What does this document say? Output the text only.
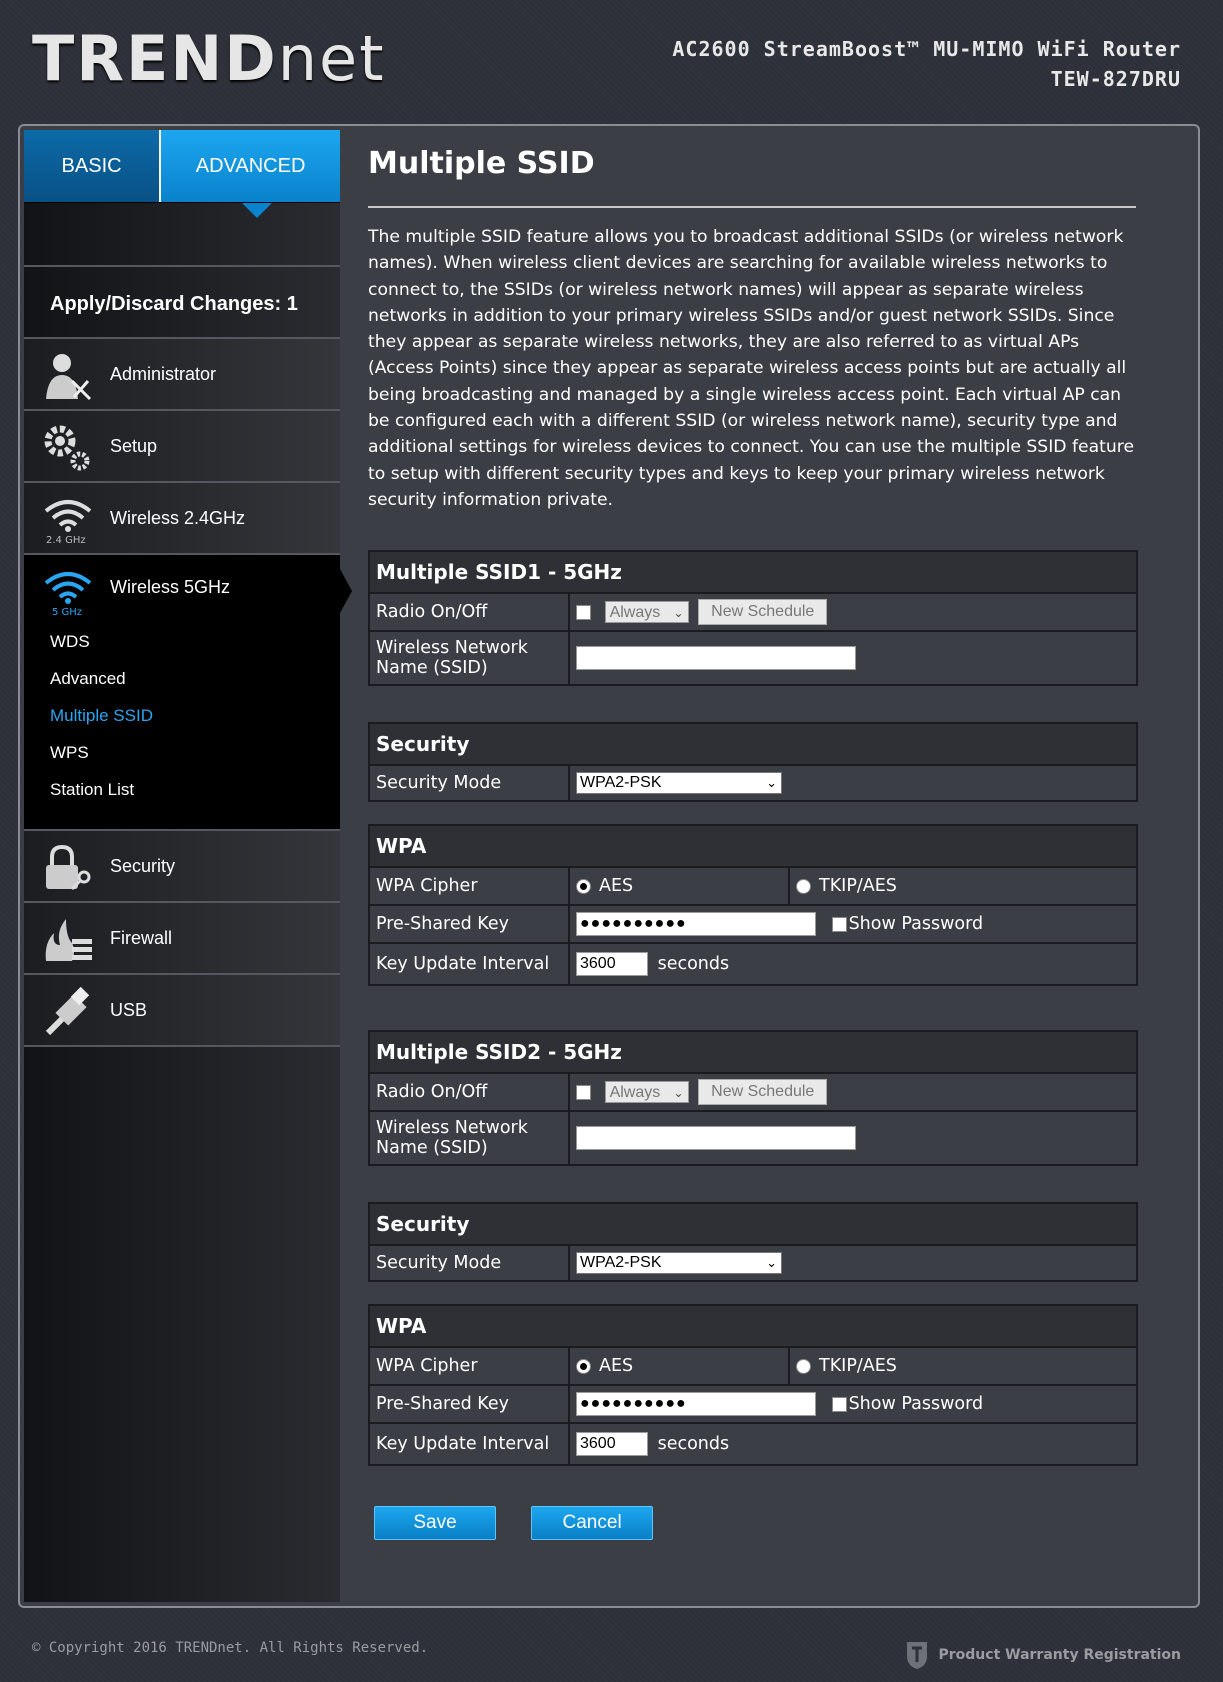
TRENDnet	AC2600 StreamBoost™ MU-MIMO WiFi Router
TEW-827DRU
BASIC	ADVANCED
Apply/Discard Changes: 1
Administrator
Setup
2.4 GHz
Wireless 2.4GHz
5 GHz
Wireless 5GHz
WDS
Advanced
Multiple SSID
WPS
Station List
Security
Firewall
USB
Multiple SSID
The multiple SSID feature allows you to broadcast additional SSIDs (or wireless network names). When wireless client devices are searching for available wireless networks to connect to, the SSIDs (or wireless network names) will appear as separate wireless networks in addition to your primary wireless SSIDs and/or guest network SSIDs. Since they appear as separate wireless networks, they are also referred to as virtual APs (Access Points) since they appear as separate wireless access points but are actually all being broadcasting and managed by a single wireless access point. Each virtual AP can be configured each with a different SSID (or wireless network name), security type and additional settings for wireless devices to connect. You can use the multiple SSID feature to setup with different security types and keys to keep your primary wireless network security information private.
Multiple SSID1 - 5GHz	
Radio On/Off	Always ⌄ New Schedule

Wireless Network
Name (SSID)	

Security
Security Mode	WPA2-PSK	⌄
WPA		
WPA Cipher	AES	TKIP/AES
Pre-Shared Key	●●●●●●●●●● Show Password	
Key Update Interval	3600 seconds	
Multiple SSID2 - 5GHz	
Radio On/Off	Always ⌄ New Schedule

Wireless Network
Name (SSID)	

Security
Security Mode	WPA2-PSK	⌄
WPA		
WPA Cipher	AES	TKIP/AES
Pre-Shared Key	●●●●●●●●●● Show Password	
Key Update Interval	3600 seconds	
Save	Cancel
© Copyright 2016 TRENDnet. All Rights Reserved.	Product Warranty Registration
